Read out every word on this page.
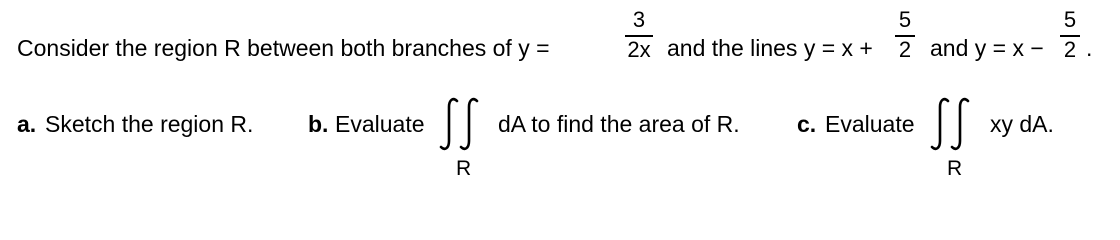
Consider the region R between both branches of y =
3
2x and the lines y = x +
5
2 and y = x −
5
2 .
a. Sketch the region R. b. Evaluate
R
dA to find the area of R. c. Evaluate
R
xy dA.
